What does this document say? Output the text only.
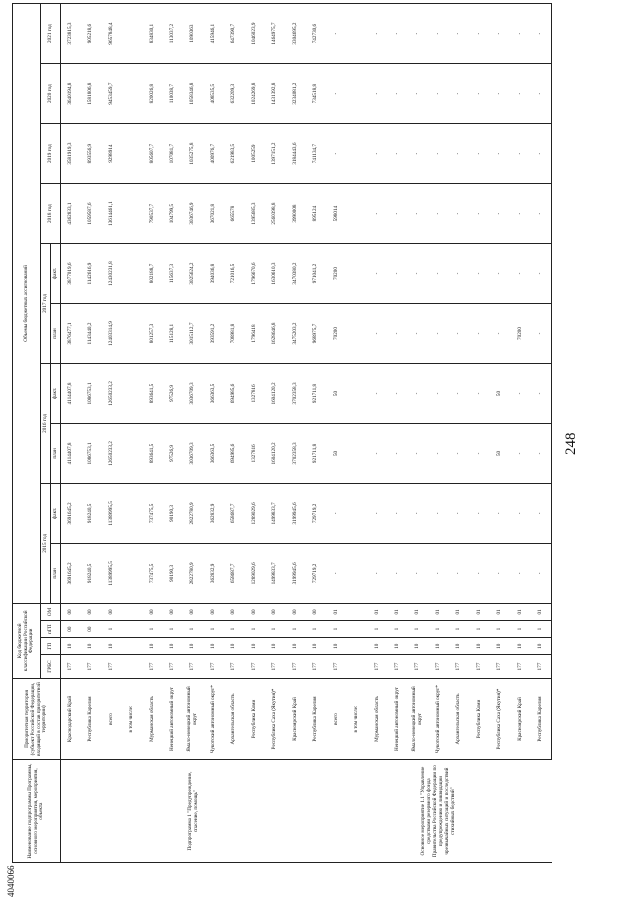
248
4040066
Наименование подпрограммы Программы, основного мероприятия, мероприятия, объекта	Приоритетная территория (субъект Российской Федерации, входящий в состав приоритетной территории)	Код бюджетной классификации Российской Федерации				Объемы бюджетных ассигнований									
		ГРБС	ГП	пГП	ОМ	2015 год		2016 год		2017 год		2018 год	2019 год	2020 год	2021 год
						план	факт.	план	факт.	план	факт.				
Подпрограмма 1 "Предупреждение, спасение, помощь"	Краснодарский Край	177	10	00	00	3691645,2	3691645,2	4114407,8	4114407,8	3876477,1	3877019,6	4362833,1	3581919,3	3640194,8	3723815,3
	Республика Карелия	177	10	00	00	918240,5	918240,5	1086753,1	1086753,1	1143440,2	1142616,9	1059587,6	893556,9	1581806,8	905218,6
	всего	177	10	1	00	11389995,5	11389995,5	12650233,2	12650233,2	12403314,9	12430231,8	13614461,1	9298914	9453459,7	9657848,4
	в том числе:														
	Мурманская область	177	10	1	00	737475,5	737475,5	893641,5	893641,5	801257,3	802188,7	790537,7	805607,7	820026,8	834830,1
	Ненецкий автономный округ	177	10	1	00	90190,3	90190,3	97526,9	97526,9	115128,1	115637,3	104799,5	107081,7	110038,7	113037,2
	Ямало-ненецкий автономный округ	177	10	1	00	2822780,9	2822780,9	3036709,3	3036709,3	3015112,7	3025624,2	3036746,9	1035275,8	1058346,8	1090363
	Чукотский автономный округ*	177	10	1	00	362832,9	362832,9	366363,5	366363,5	393591,2	394036,8	367021,8	400976,7	408535,5	415946,1
	Архангельская область	177	10	1	00	658687,7	658687,7	694985,6	694985,6	708981,8	721016,5	665578	621983,5	632209,3	647390,7
	Республика Коми	177	10	1	00	1289029,6	1289029,6	1327816	1327816	1796418	1796670,6	1395685,3	1005259	1024269,8	1046023,9
	Республика Саха (Якутия)*	177	10	1	00	1499833,7	1499833,7	1604120,2	1604120,2	1628646,8	1630610,3	2560398,8	1397151,2	1431392,8	1464975,7
	Красноярский Край	177	10	1	00	3199945,6	3199945,6	3702358,3	3702358,3	3475203,2	3470380,2	3990008	3184443,6	3234081,2	3304695,2
	Республика Карелия	177	10	1	00	729719,2	729719,2	921711,8	921711,8	968975,7	971041,2	895124	741134,7	734518,8	742730,6
Основное мероприятие 1.1 "Управление средствами резервного фонда Правительства Российской Федерации по предупреждению и ликвидации чрезвычайных ситуаций и последствий стихийных бедствий"	всего	177	10	1	01	-	-	50	50	70200	70200	598014	-	-	-
	в том числе:														
	Мурманская область	177	10	1	01	-	-	-	-	-	-	-	-	-	-
	Ненецкий автономный округ	177	10	1	01	-	-	-	-	-	-	-	-	-	-
	Ямало-ненецкий автономный округ	177	10	1	01	-	-	-	-	-	-	-	-	-	-
	Чукотский автономный округ*	177	10	1	01	-	-	-	-	-	-	-	-	-	-
	Архангельская область	177	10	1	01	-	-	-	-	-	-	-	-	-	-
	Республика Коми	177	10	1	01	-	-	-	-	-	-	-	-	-	-
	Республика Саха (Якутия)*	177	10	1	01	-	-	50	50	-	-	-	-	-	-
	Красноярский Край	177	10	1	01	-	-	-	-	70200	-	-	-	-	-
	Республика Карелия	177	10	1	01	-	-	-	-	-	-	-	-	-	-
